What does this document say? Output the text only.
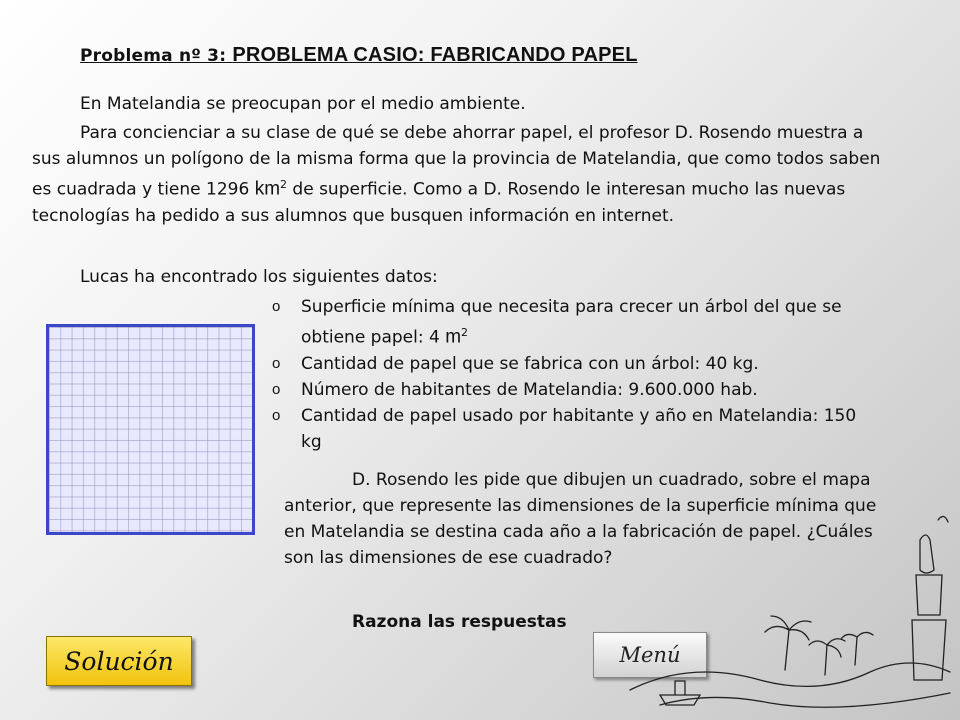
Problema nº 3: PROBLEMA CASIO: FABRICANDO PAPEL

En Matelandia se preocupan por el medio ambiente.

Para concienciar a su clase de qué se debe ahorrar papel, el profesor D. Rosendo muestra a sus alumnos un polígono de la misma forma que la provincia de Matelandia, que como todos saben es cuadrada y tiene 1296 $km^2$ de superficie. Como a D. Rosendo le interesan mucho las nuevas tecnologías ha pedido a sus alumnos que busquen información en internet.

Lucas ha encontrado los siguientes datos:

o Superficie mínima que necesita para crecer un árbol del que se obtiene papel: 4 $m^2$
o Cantidad de papel que se fabrica con un árbol: 40 kg.
o Número de habitantes de Matelandia: 9.600.000 hab.
o Cantidad de papel usado por habitante y año en Matelandia: 150 kg

D. Rosendo les pide que dibujen un cuadrado, sobre el mapa anterior, que represente las dimensiones de la superficie mínima que en Matelandia se destina cada año a la fabricación de papel. ¿Cuáles son las dimensiones de ese cuadrado?

Razona las respuestas

Solución	Menú
